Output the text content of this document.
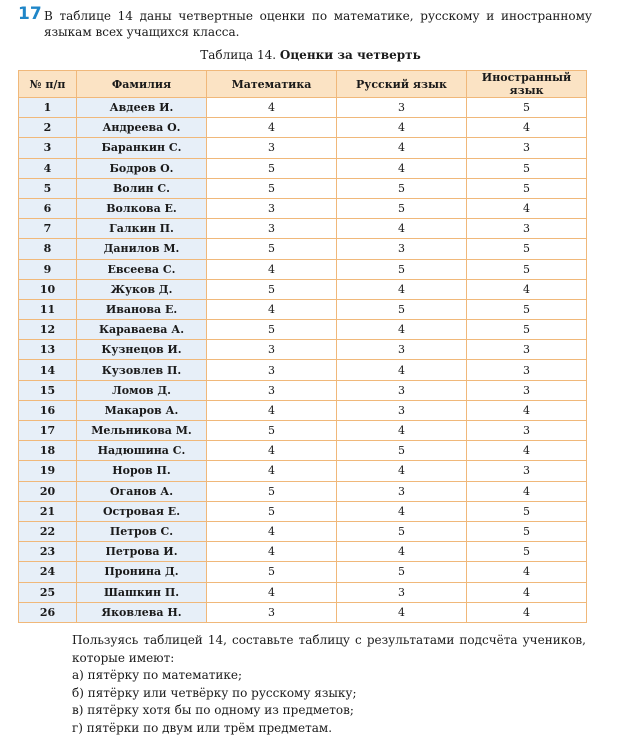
17 В таблице 14 даны четвертные оценки по математике, русскому и иностранному языкам всех учащихся класса.
Таблица 14. Оценки за четверть
№ п/п	Фамилия	Математика	Русский язык	Иностранный язык
1	Авдеев И.	4	3	5
2	Андреева О.	4	4	4
3	Баранкин С.	3	4	3
4	Бодров О.	5	4	5
5	Волин С.	5	5	5
6	Волкова Е.	3	5	4
7	Галкин П.	3	4	3
8	Данилов М.	5	3	5
9	Евсеева С.	4	5	5
10	Жуков Д.	5	4	4
11	Иванова Е.	4	5	5
12	Караваева А.	5	4	5
13	Кузнецов И.	3	3	3
14	Кузовлев П.	3	4	3
15	Ломов Д.	3	3	3
16	Макаров А.	4	3	4
17	Мельникова М.	5	4	3
18	Надюшина С.	4	5	4
19	Норов П.	4	4	3
20	Оганов А.	5	3	4
21	Островая Е.	5	4	5
22	Петров С.	4	5	5
23	Петрова И.	4	4	5
24	Пронина Д.	5	5	4
25	Шашкин П.	4	3	4
26	Яковлева Н.	3	4	4

Пользуясь таблицей 14, составьте таблицу с результатами подсчёта учеников, которые имеют:

а) пятёрку по математике;

б) пятёрку или четвёрку по русскому языку;

в) пятёрку хотя бы по одному из предметов;

г) пятёрки по двум или трём предметам.
